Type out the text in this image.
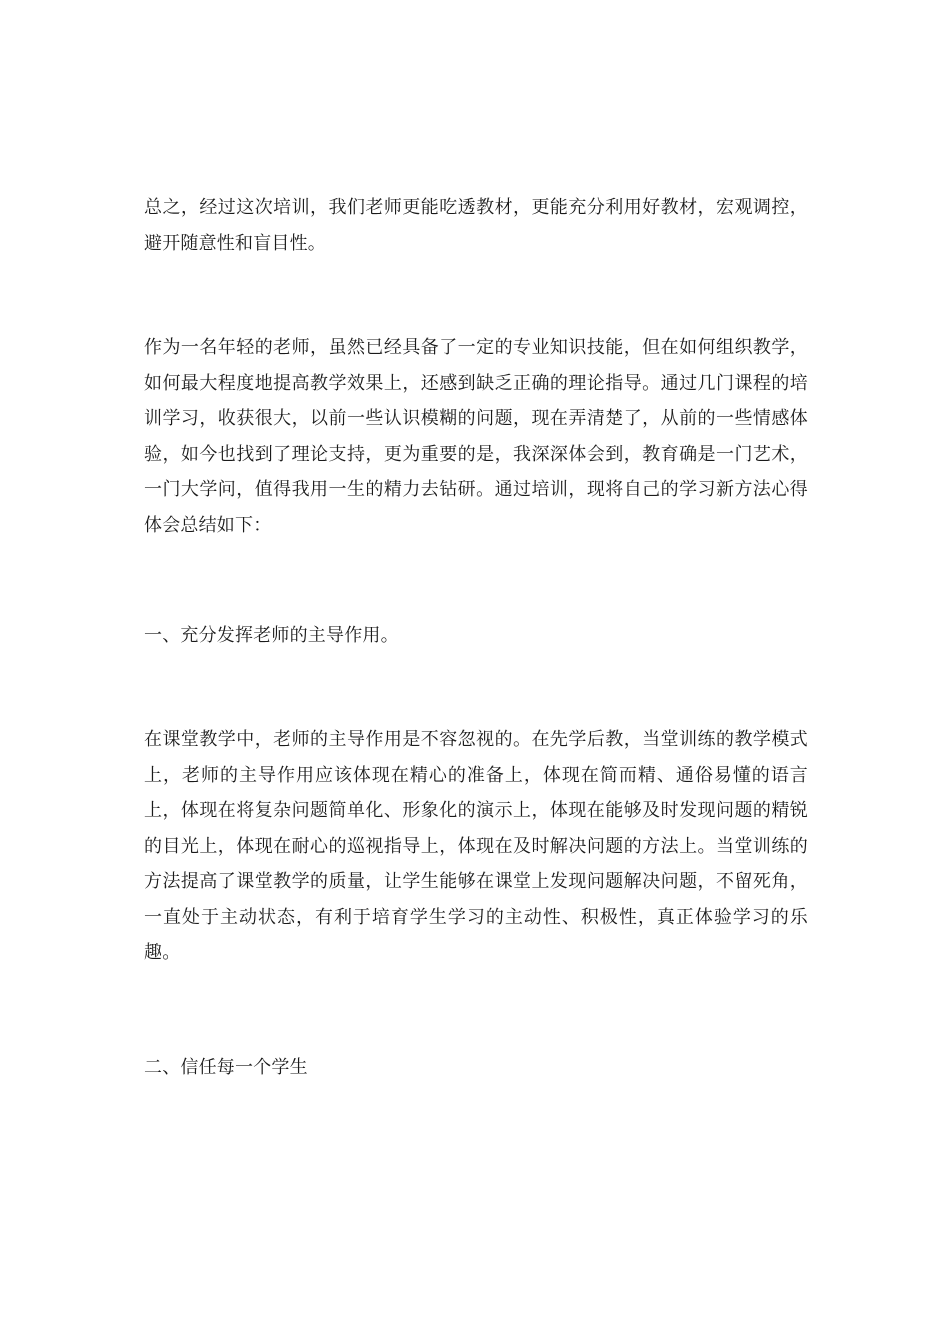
总之，经过这次培训，我们老师更能吃透教材，更能充分利用好教材，宏观调控，避开随意性和盲目性。

作为一名年轻的老师，虽然已经具备了一定的专业知识技能，但在如何组织教学，如何最大程度地提高教学效果上，还感到缺乏正确的理论指导。通过几门课程的培训学习，收获很大，以前一些认识模糊的问题，现在弄清楚了，从前的一些情感体验，如今也找到了理论支持，更为重要的是，我深深体会到，教育确是一门艺术，一门大学问，值得我用一生的精力去钻研。通过培训，现将自己的学习新方法心得体会总结如下：

一、充分发挥老师的主导作用。

在课堂教学中，老师的主导作用是不容忽视的。在先学后教，当堂训练的教学模式上，老师的主导作用应该体现在精心的准备上，体现在简而精、通俗易懂的语言上，体现在将复杂问题简单化、形象化的演示上，体现在能够及时发现问题的精锐的目光上，体现在耐心的巡视指导上，体现在及时解决问题的方法上。当堂训练的方法提高了课堂教学的质量，让学生能够在课堂上发现问题解决问题，不留死角，一直处于主动状态，有利于培育学生学习的主动性、积极性，真正体验学习的乐趣。

二、信任每一个学生
